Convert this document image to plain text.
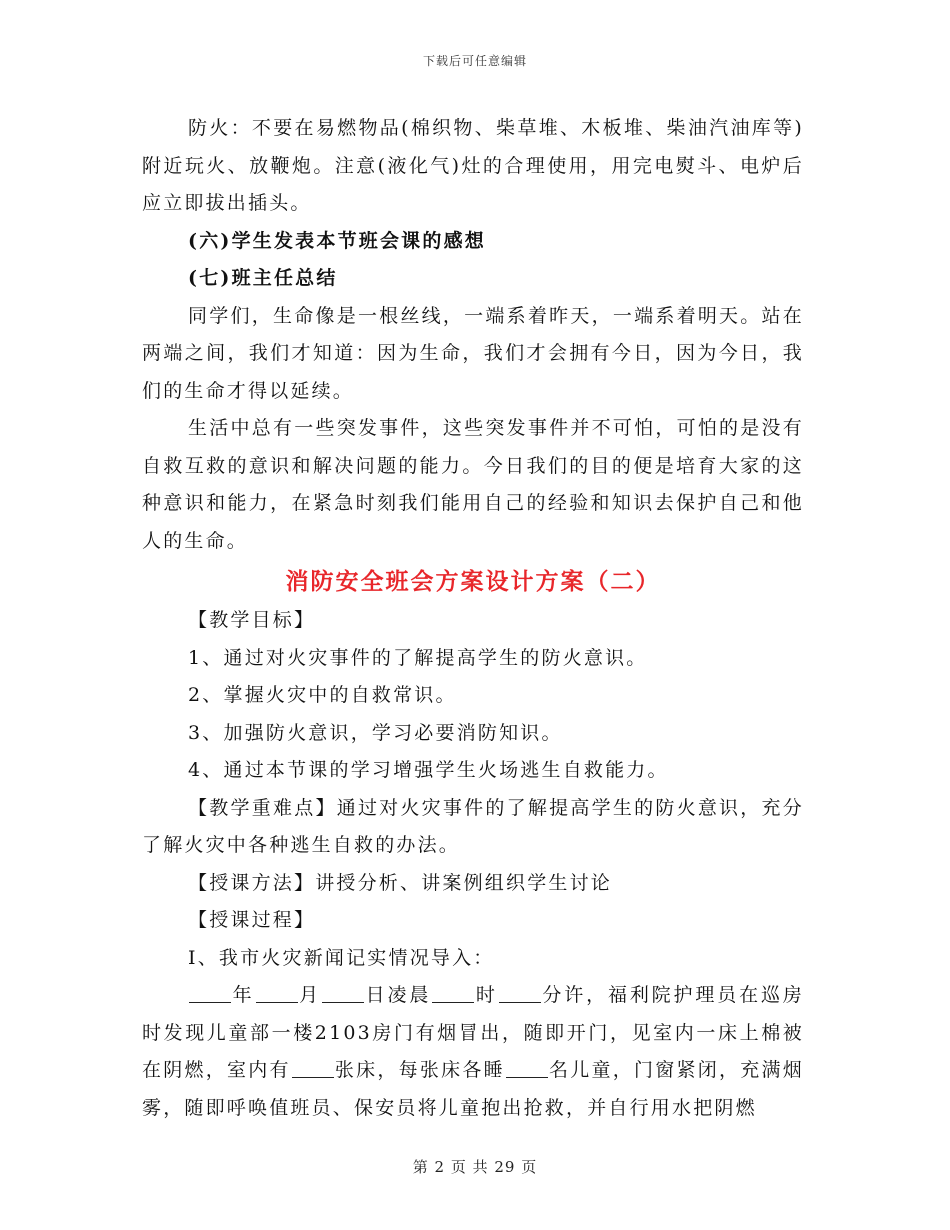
下载后可任意编辑

防火：不要在易燃物品(棉织物、柴草堆、木板堆、柴油汽油库等)附近玩火、放鞭炮。注意(液化气)灶的合理使用，用完电熨斗、电炉后应立即拔出插头。

(六)学生发表本节班会课的感想

(七)班主任总结

同学们，生命像是一根丝线，一端系着昨天，一端系着明天。站在两端之间，我们才知道：因为生命，我们才会拥有今日，因为今日，我们的生命才得以延续。

生活中总有一些突发事件，这些突发事件并不可怕，可怕的是没有自救互救的意识和解决问题的能力。今日我们的目的便是培育大家的这种意识和能力，在紧急时刻我们能用自己的经验和知识去保护自己和他人的生命。

消防安全班会方案设计方案（二）

【教学目标】

1、通过对火灾事件的了解提高学生的防火意识。

2、掌握火灾中的自救常识。

3、加强防火意识，学习必要消防知识。

4、通过本节课的学习增强学生火场逃生自救能力。

【教学重难点】通过对火灾事件的了解提高学生的防火意识，充分了解火灾中各种逃生自救的办法。

【授课方法】讲授分析、讲案例组织学生讨论

【授课过程】

Ⅰ、我市火灾新闻记实情况导入：

年 月 日凌晨 时 分许，福利院护理员在巡房时发现儿童部一楼2103房门有烟冒出，随即开门，见室内一床上棉被在阴燃，室内有 张床，每张床各睡 名儿童，门窗紧闭，充满烟雾，随即呼唤值班员、保安员将儿童抱出抢救，并自行用水把阴燃

第 2 页 共 29 页
